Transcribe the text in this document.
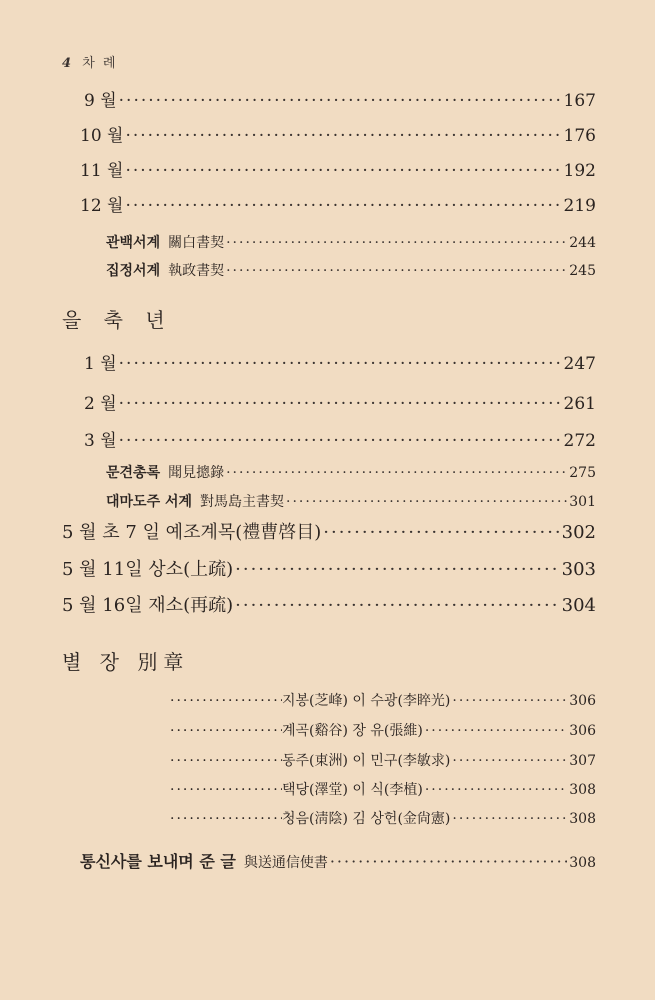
4 차 례
9 월 ·····	167
10 월 ·····	176
11 월 ·····	192
12 월 ·····	219
관백서계 關白書契 ·····	244
집정서계 執政書契 ·····	245
을 축 년
1 월 ·····	247
2 월 ·····	261
3 월 ·····	272
문견총록 聞見摠錄 ·····	275
대마도주 서계 對馬島主書契 ·····	301
5 월 초 7 일 예조계목(禮曹啓目) ·····	302
5 월 11일 상소(上疏) ·····	303
5 월 16일 재소(再疏) ·····	304
별 장 別章
·····
지봉(芝峰) 이 수광(李睟光) ·····	306
·····
계곡(谿谷) 장 유(張維) ·····	306
·····
동주(東洲) 이 민구(李敏求) ·····	307
·····
택당(澤堂) 이 식(李植) ·····	308
·····
청음(淸陰) 김 상헌(金尙憲) ·····	308
통신사를 보내며 준 글 與送通信使書 ·····	308
